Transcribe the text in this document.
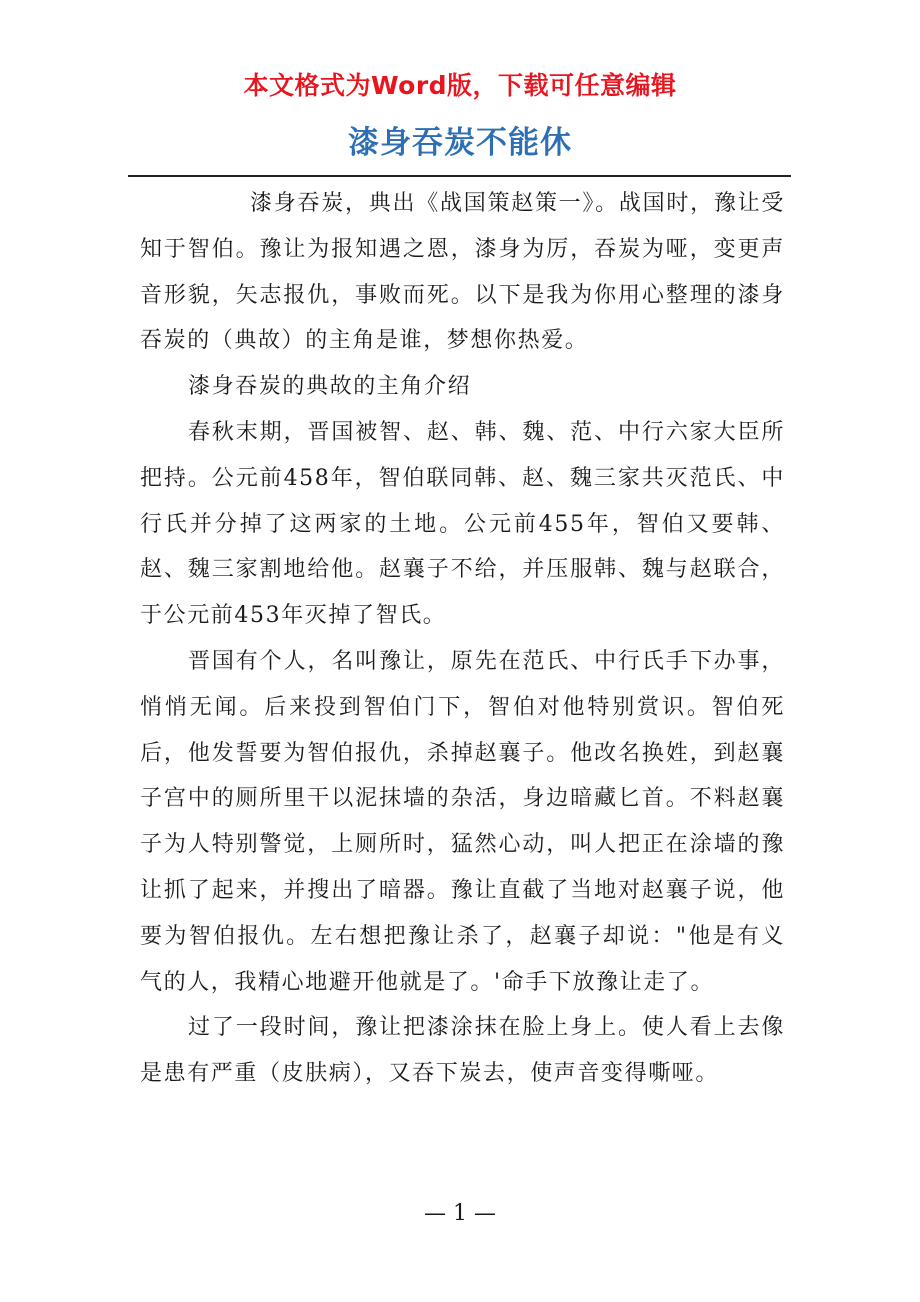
本文格式为Word版，下载可任意编辑
漆身吞炭不能休

漆身吞炭，典出《战国策赵策一》。战国时，豫让受知于智伯。豫让为报知遇之恩，漆身为厉，吞炭为哑，变更声音形貌，矢志报仇，事败而死。以下是我为你用心整理的漆身吞炭的（典故）的主角是谁，梦想你热爱。

漆身吞炭的典故的主角介绍

春秋末期，晋国被智、赵、韩、魏、范、中行六家大臣所把持。公元前458年，智伯联同韩、赵、魏三家共灭范氏、中行氏并分掉了这两家的土地。公元前455年，智伯又要韩、赵、魏三家割地给他。赵襄子不给，并压服韩、魏与赵联合，于公元前453年灭掉了智氏。

晋国有个人，名叫豫让，原先在范氏、中行氏手下办事，悄悄无闻。后来投到智伯门下，智伯对他特别赏识。智伯死后，他发誓要为智伯报仇，杀掉赵襄子。他改名换姓，到赵襄子宫中的厕所里干以泥抹墙的杂活，身边暗藏匕首。不料赵襄子为人特别警觉，上厕所时，猛然心动，叫人把正在涂墙的豫让抓了起来，并搜出了暗器。豫让直截了当地对赵襄子说，他要为智伯报仇。左右想把豫让杀了，赵襄子却说："他是有义气的人，我精心地避开他就是了。'命手下放豫让走了。

过了一段时间，豫让把漆涂抹在脸上身上。使人看上去像是患有严重（皮肤病），又吞下炭去，使声音变得嘶哑。

— 1 —
